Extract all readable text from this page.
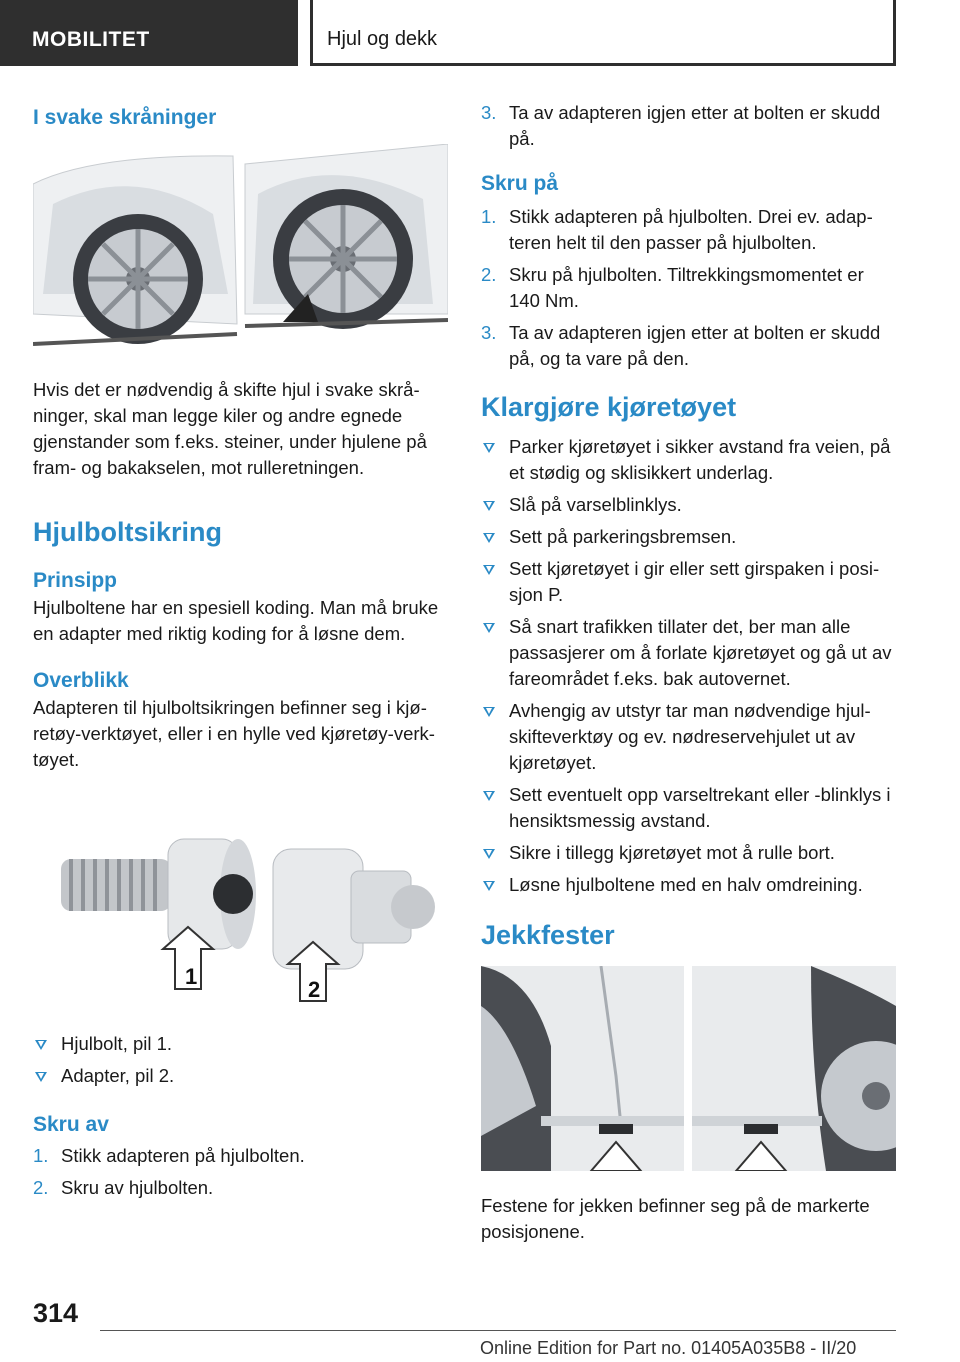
MOBILITET	Hjul og dekk
I svake skråninger
Hvis det er nødvendig å skifte hjul i svake skråninger, skal man legge kiler og andre egnede gjenstander som f.eks. steiner, under hjulene på fram- og bakakselen, mot rulleretningen.
Hjulboltsikring
Prinsipp
Hjulboltene har en spesiell koding. Man må bruke en adapter med riktig koding for å løsne dem.
Overblikk
Adapteren til hjulboltsikringen befinner seg i kjøretøy-verktøyet, eller i en hylle ved kjøretøy-verktøyet.
1
2
Hjulbolt, pil 1.
Adapter, pil 2.
Skru av
1. Stikk adapteren på hjulbolten.
2. Skru av hjulbolten.
3. Ta av adapteren igjen etter at bolten er skudd på.
Skru på
1. Stikk adapteren på hjulbolten. Drei ev. adapteren helt til den passer på hjulbolten.
2. Skru på hjulbolten. Tiltrekkingsmomentet er 140 Nm.
3. Ta av adapteren igjen etter at bolten er skudd på, og ta vare på den.
Klargjøre kjøretøyet
Parker kjøretøyet i sikker avstand fra veien, på et stødig og sklisikkert underlag.
Slå på varselblinklys.
Sett på parkeringsbremsen.
Sett kjøretøyet i gir eller sett girspaken i posisjon P.
Så snart trafikken tillater det, ber man alle passasjerer om å forlate kjøretøyet og gå ut av fareområdet f.eks. bak autovernet.
Avhengig av utstyr tar man nødvendige hjulskifteverktøy og ev. nødreservehjulet ut av kjøretøyet.
Sett eventuelt opp varseltrekant eller -blinklys i hensiktsmessig avstand.
Sikre i tillegg kjøretøyet mot å rulle bort.
Løsne hjulboltene med en halv omdreining.
Jekkfester
Festene for jekken befinner seg på de markerte posisjonene.
314
Online Edition for Part no. 01405A035B8 - II/20
